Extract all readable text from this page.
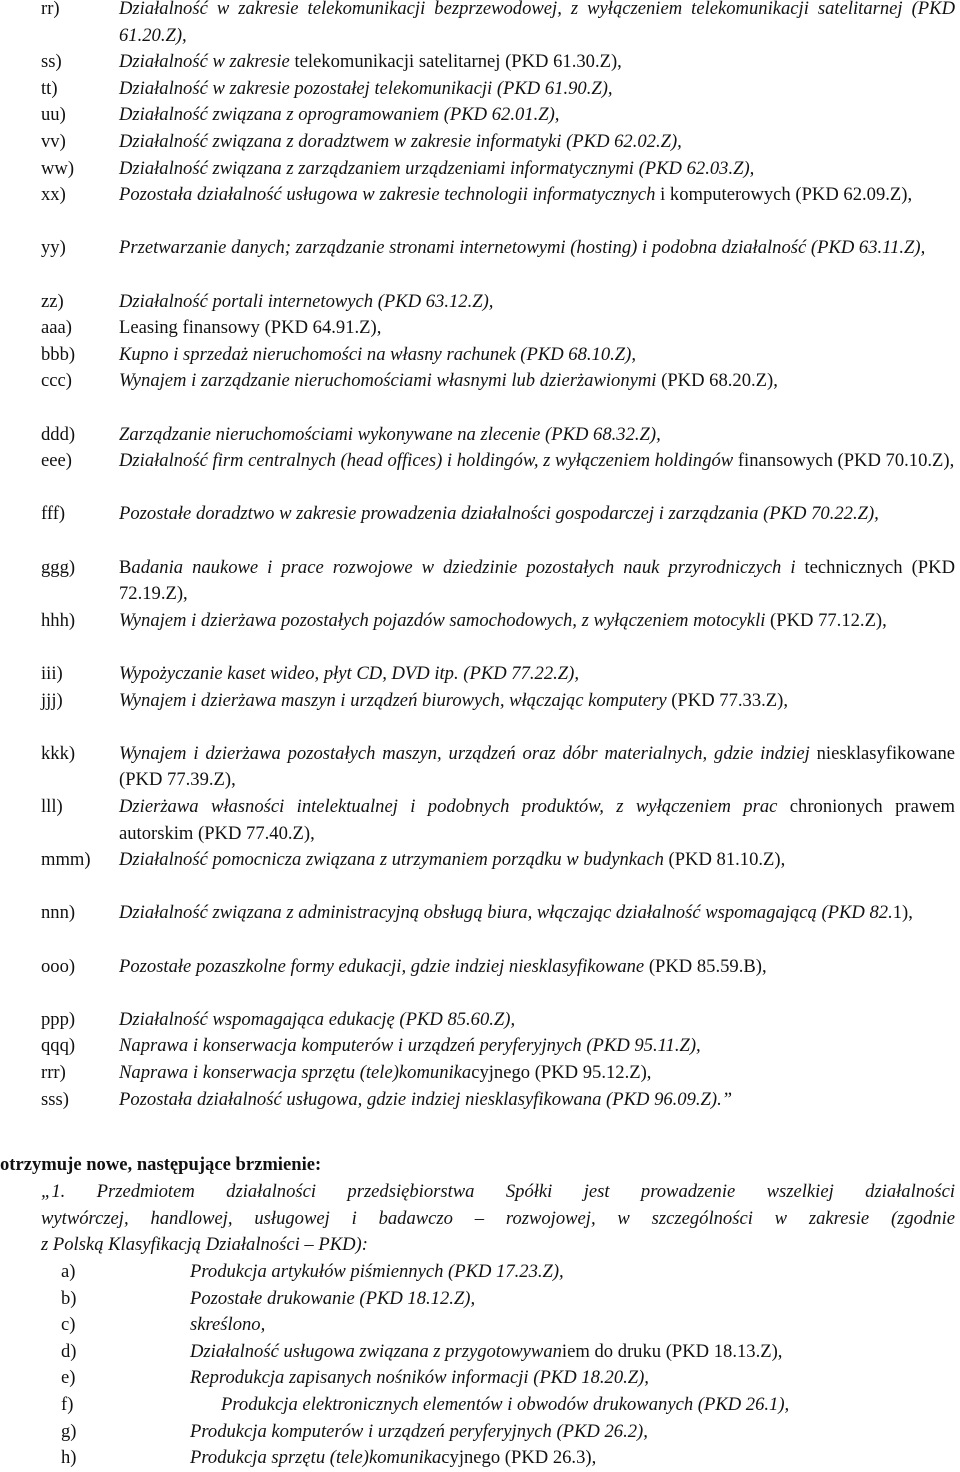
rr)	Działalność w zakresie telekomunikacji bezprzewodowej, z wyłączeniem telekomunikacji satelitarnej (PKD 61.20.Z),
ss)	Działalność w zakresie telekomunikacji satelitarnej (PKD 61.30.Z),
tt)	Działalność w zakresie pozostałej telekomunikacji (PKD 61.90.Z),
uu)	Działalność związana z oprogramowaniem (PKD 62.01.Z),
vv)	Działalność związana z doradztwem w zakresie informatyki (PKD 62.02.Z),
ww) Działalność związana z zarządzaniem urządzeniami informatycznymi (PKD 62.03.Z),
xx)	Pozostała działalność usługowa w zakresie technologii informatycznych i komputerowych (PKD 62.09.Z),
yy)	Przetwarzanie danych; zarządzanie stronami internetowymi (hosting) i podobna działalność (PKD 63.11.Z),
zz)	Działalność portali internetowych (PKD 63.12.Z),
aaa)	Leasing finansowy (PKD 64.91.Z),
bbb) Kupno i sprzedaż nieruchomości na własny rachunek (PKD 68.10.Z),
ccc)	Wynajem i zarządzanie nieruchomościami własnymi lub dzierżawionymi (PKD 68.20.Z),
ddd) Zarządzanie nieruchomościami wykonywane na zlecenie (PKD 68.32.Z),
eee)	Działalność firm centralnych (head offices) i holdingów, z wyłączeniem holdingów finansowych (PKD 70.10.Z),
fff)	Pozostałe doradztwo w zakresie prowadzenia działalności gospodarczej i zarządzania (PKD 70.22.Z),
ggg) Badania naukowe i prace rozwojowe w dziedzinie pozostałych nauk przyrodniczych i technicznych (PKD 72.19.Z),
hhh) Wynajem i dzierżawa pozostałych pojazdów samochodowych, z wyłączeniem motocykli (PKD 77.12.Z),
iii)	Wypożyczanie kaset wideo, płyt CD, DVD itp. (PKD 77.22.Z),
jjj)	Wynajem i dzierżawa maszyn i urządzeń biurowych, włączając komputery (PKD 77.33.Z),
kkk) Wynajem i dzierżawa pozostałych maszyn, urządzeń oraz dóbr materialnych, gdzie indziej niesklasyfikowane (PKD 77.39.Z),
lll)	Dzierżawa własności intelektualnej i podobnych produktów, z wyłączeniem prac chronionych prawem autorskim (PKD 77.40.Z),
mmm) Działalność pomocnicza związana z utrzymaniem porządku w budynkach (PKD 81.10.Z),
nnn) Działalność związana z administracyjną obsługą biura, włączając działalność wspomagającą (PKD 82.1),
ooo) Pozostałe pozaszkolne formy edukacji, gdzie indziej niesklasyfikowane (PKD 85.59.B),
ppp) Działalność wspomagająca edukację (PKD 85.60.Z),
qqq) Naprawa i konserwacja komputerów i urządzeń peryferyjnych (PKD 95.11.Z),
rrr)	Naprawa i konserwacja sprzętu (tele)komunikacyjnego (PKD 95.12.Z),
sss)	Pozostała działalność usługowa, gdzie indziej niesklasyfikowana (PKD 96.09.Z).”
otrzymuje nowe, następujące brzmienie:
„1. Przedmiotem działalności przedsiębiorstwa Spółki jest prowadzenie wszelkiej działalności
wytwórczej, handlowej, usługowej i badawczo – rozwojowej, w szczególności w zakresie (zgodnie
z Polską Klasyfikacją Działalności – PKD):
a)	Produkcja artykułów piśmiennych (PKD 17.23.Z),
b)	Pozostałe drukowanie (PKD 18.12.Z),
c)	skreślono,
d)	Działalność usługowa związana z przygotowywaniem do druku (PKD 18.13.Z),
e)	Reprodukcja zapisanych nośników informacji (PKD 18.20.Z),
f)	Produkcja elektronicznych elementów i obwodów drukowanych (PKD 26.1),
g)	Produkcja komputerów i urządzeń peryferyjnych (PKD 26.2),
h)	Produkcja sprzętu (tele)komunikacyjnego (PKD 26.3),
